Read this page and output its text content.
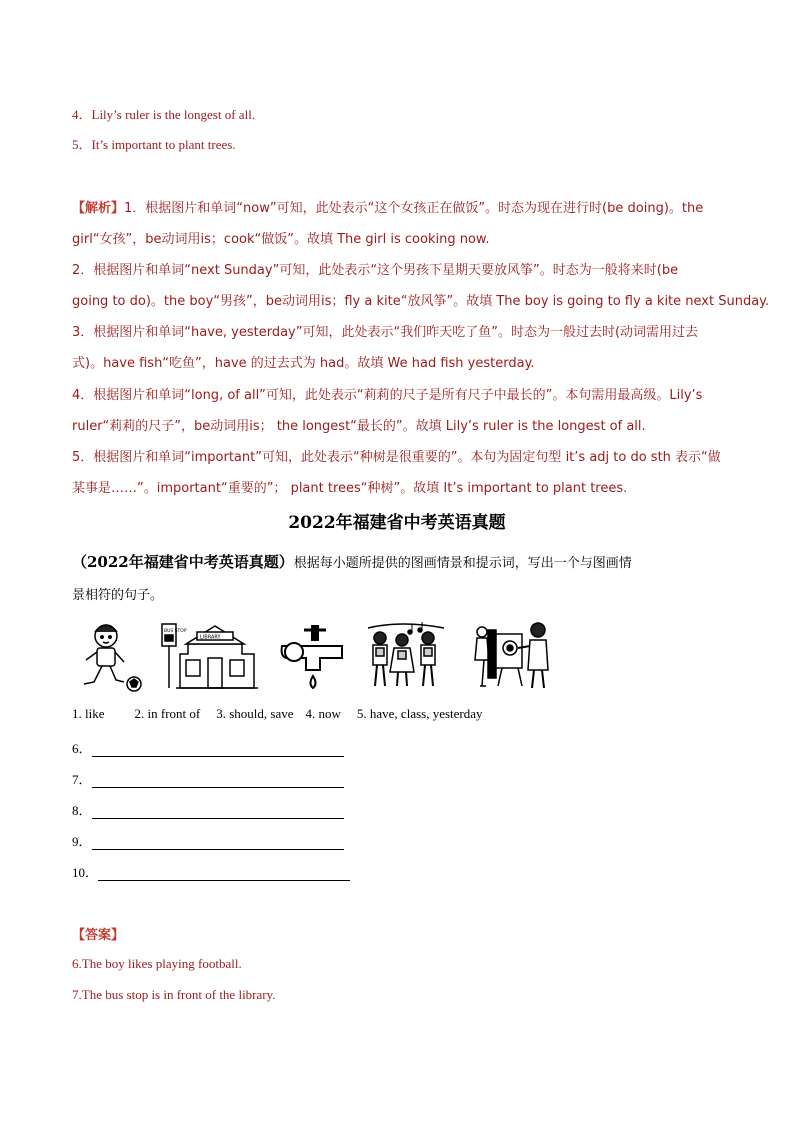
4．Lily’s ruler is the longest of all.
5．It’s important to plant trees.
【解析】1．根据图片和单词“now”可知，此处表示“这个女孩正在做饭”。时态为现在进行时(be doing)。the
girl“女孩”，be动词用is；cook“做饭”。故填 The girl is cooking now.
2．根据图片和单词“next Sunday”可知，此处表示“这个男孩下星期天要放风筝”。时态为一般将来时(be
going to do)。the boy“男孩”，be动词用is；fly a kite“放风筝”。故填 The boy is going to fly a kite next Sunday.
3．根据图片和单词“have, yesterday”可知，此处表示“我们昨天吃了鱼”。时态为一般过去时(动词需用过去
式)。have fish“吃鱼”，have 的过去式为 had。故填 We had fish yesterday.
4．根据图片和单词“long, of all”可知，此处表示“莉莉的尺子是所有尺子中最长的”。本句需用最高级。Lily’s
ruler“莉莉的尺子”，be动词用is； the longest“最长的”。故填 Lily’s ruler is the longest of all.
5．根据图片和单词“important”可知，此处表示“种树是很重要的”。本句为固定句型 it’s adj to do sth 表示“做
某事是……”。important“重要的”； plant trees“种树”。故填 It’s important to plant trees.
2022年福建省中考英语真题
（2022年福建省中考英语真题）根据每小题所提供的图画情景和提示词，写出一个与图画情
景相符的句子。
BUS STOP
LIBRARY
1. like 2. in front of 3. should, save 4. now 5. have, class, yesterday
6．
7．
8．
9．
10．
【答案】
6.The boy likes playing football.
7.The bus stop is in front of the library.
